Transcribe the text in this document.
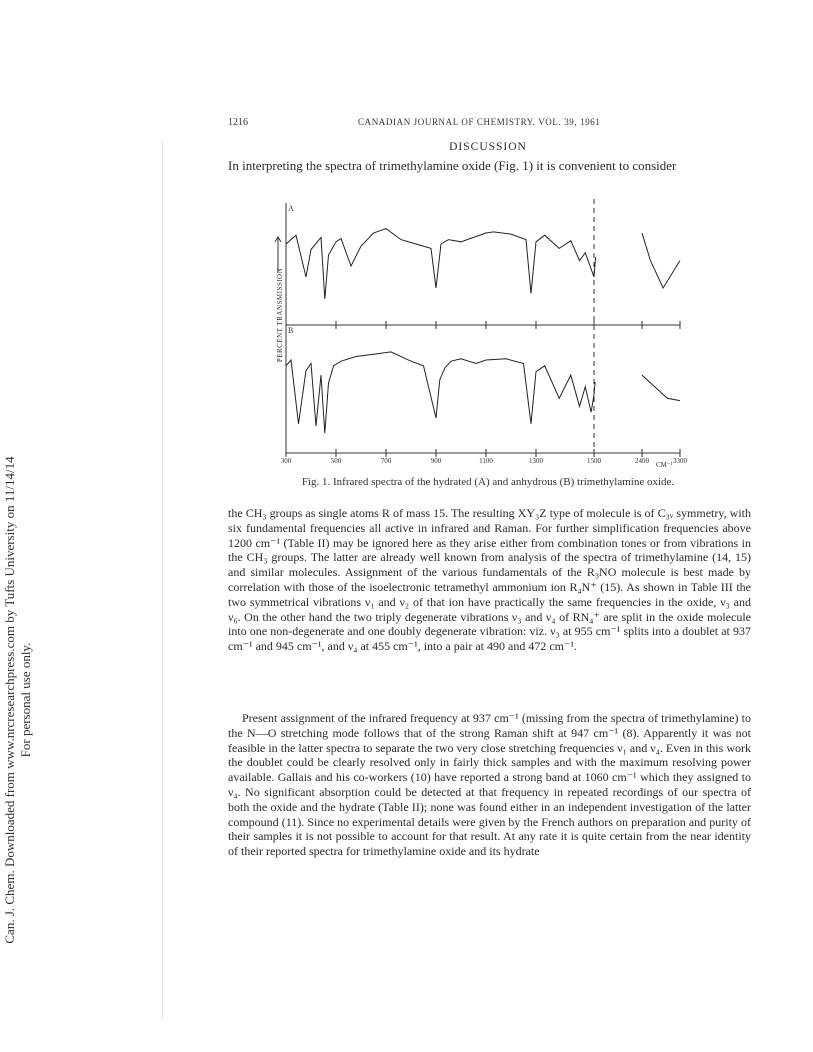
Can. J. Chem. Downloaded from www.nrcresearchpress.com by Tufts University on 11/14/14 For personal use only.
1216	CANADIAN JOURNAL OF CHEMISTRY. VOL. 39, 1961
DISCUSSION
In interpreting the spectra of trimethylamine oxide (Fig. 1) it is convenient to consider
A
B
PERCENT TRANSMISSION
CM⁻¹
300	500	700	900	1100	1300	1500	2400	3300
Fig. 1. Infrared spectra of the hydrated (A) and anhydrous (B) trimethylamine oxide.
the CH₃ groups as single atoms R of mass 15. The resulting XY₃Z type of molecule is of C₃ᵥ symmetry, with six fundamental frequencies all active in infrared and Raman. For further simplification frequencies above 1200 cm⁻¹ (Table II) may be ignored here as they arise either from combination tones or from vibrations in the CH₃ groups. The latter are already well known from analysis of the spectra of trimethylamine (14, 15) and similar molecules. Assignment of the various fundamentals of the R₃NO molecule is best made by correlation with those of the isoelectronic tetramethyl ammonium ion R₄N⁺ (15). As shown in Table III the two symmetrical vibrations ν₁ and ν₂ of that ion have practically the same frequencies in the oxide, ν₃ and ν₆. On the other hand the two triply degenerate vibrations ν₃ and ν₄ of RN₄⁺ are split in the oxide molecule into one non-degenerate and one doubly degenerate vibration: viz. ν₃ at 955 cm⁻¹ splits into a doublet at 937 cm⁻¹ and 945 cm⁻¹, and ν₄ at 455 cm⁻¹, into a pair at 490 and 472 cm⁻¹.
Present assignment of the infrared frequency at 937 cm⁻¹ (missing from the spectra of trimethylamine) to the N—O stretching mode follows that of the strong Raman shift at 947 cm⁻¹ (8). Apparently it was not feasible in the latter spectra to separate the two very close stretching frequencies ν₁ and ν₄. Even in this work the doublet could be clearly resolved only in fairly thick samples and with the maximum resolving power available. Gallais and his co-workers (10) have reported a strong band at 1060 cm⁻¹ which they assigned to ν₄. No significant absorption could be detected at that frequency in repeated recordings of our spectra of both the oxide and the hydrate (Table II); none was found either in an independent investigation of the latter compound (11). Since no experimental details were given by the French authors on preparation and purity of their samples it is not possible to account for that result. At any rate it is quite certain from the near identity of their reported spectra for trimethylamine oxide and its hydrate
